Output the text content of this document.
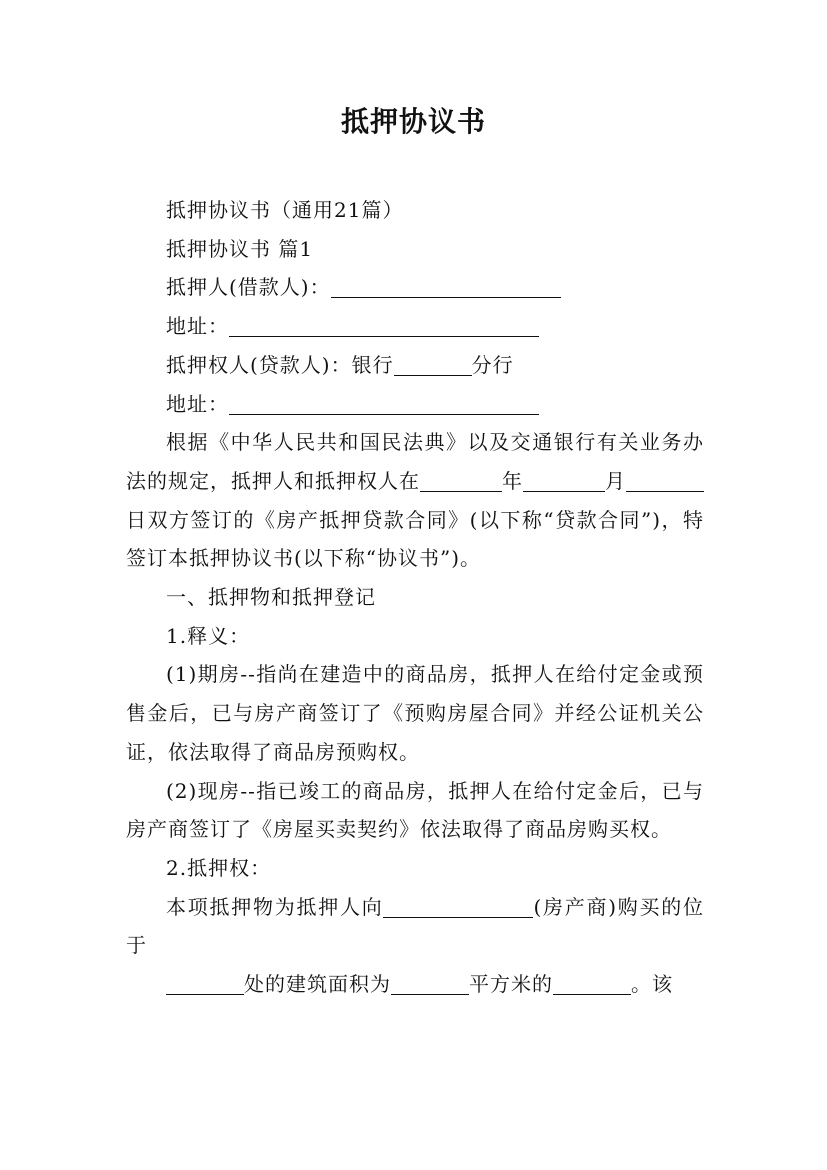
抵押协议书

抵押协议书（通用21篇）

抵押协议书 篇1

抵押人(借款人)：

地址：

抵押权人(贷款人)：银行	分行

地址：

根据《中华人民共和国民法典》以及交通银行有关业务办法的规定，抵押人和抵押权人在	年	月日双方签订的《房产抵押贷款合同》(以下称“贷款合同”)，特签订本抵押协议书(以下称“协议书”)。

一、抵押物和抵押登记

1.释义：

(1)期房--指尚在建造中的商品房，抵押人在给付定金或预售金后，已与房产商签订了《预购房屋合同》并经公证机关公证，依法取得了商品房预购权。

(2)现房--指已竣工的商品房，抵押人在给付定金后，已与房产商签订了《房屋买卖契约》依法取得了商品房购买权。

2.抵押权：

本项抵押物为抵押人向	(房产商)购买的位于

处的建筑面积为	平方米的	。该
